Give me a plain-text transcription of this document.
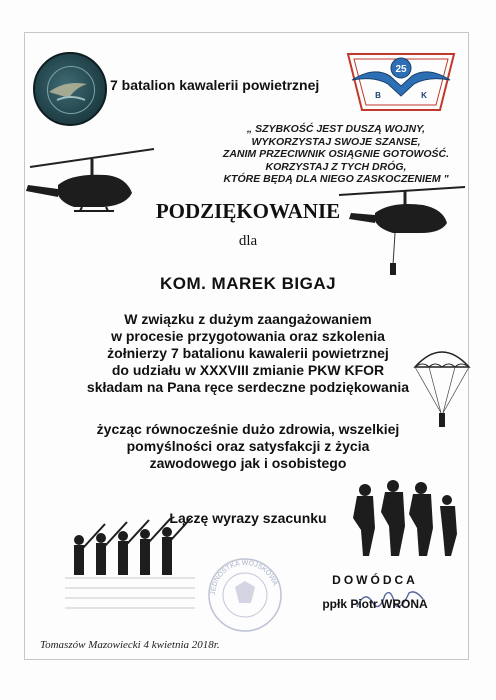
7 batalion kawalerii powietrznej
25
B	K
„ SZYBKOŚĆ JEST DUSZĄ WOJNY,
WYKORZYSTAJ SWOJE SZANSE,
ZANIM PRZECIWNIK OSIĄGNIE GOTOWOŚĆ.
KORZYSTAJ Z TYCH DRÓG,
KTÓRE BĘDĄ DLA NIEGO ZASKOCZENIEM "
PODZIĘKOWANIE
dla
KOM. MAREK BIGAJ
W związku z dużym zaangażowaniem
w procesie przygotowania oraz szkolenia
żołnierzy 7 batalionu kawalerii powietrznej
do udziału w XXXVIII zmianie PKW KFOR
składam na Pana ręce serdeczne podziękowania
życząc równocześnie dużo zdrowia, wszelkiej
pomyślności oraz satysfakcji z życia
zawodowego jak i osobistego
Łączę wyrazy szacunku
JEDNOSTKA WOJSKOWA	DOWÓDCA
ppłk Piotr WRONA
Tomaszów Mazowiecki 4 kwietnia 2018r.
